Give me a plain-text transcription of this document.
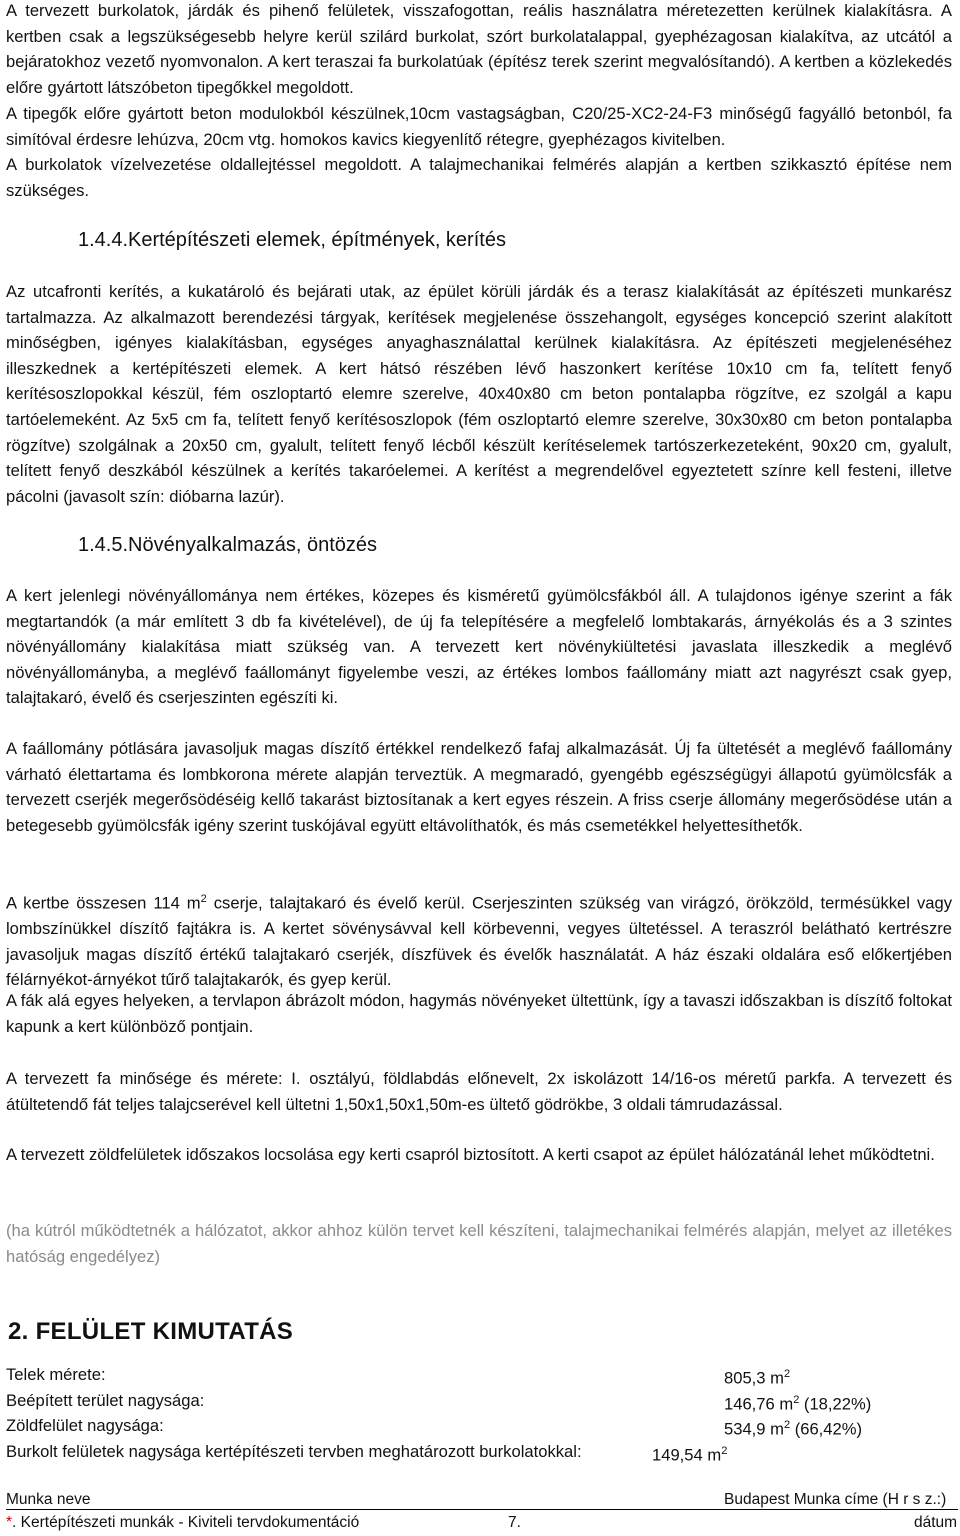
A tervezett burkolatok, járdák és pihenő felületek, visszafogottan, reális használatra méretezetten kerülnek kialakításra. A kertben csak a legszükségesebb helyre kerül szilárd burkolat, szórt burkolatalappal, gyephézagosan kialakítva, az utcától a bejáratokhoz vezető nyomvonalon. A kert teraszai fa burkolatúak (építész terek szerint megvalósítandó). A kertben a közlekedés előre gyártott látszóbeton tipegőkkel megoldott.

A tipegők előre gyártott beton modulokból készülnek,10cm vastagságban, C20/25-XC2-24-F3 minőségű fagyálló betonból, fa simítóval érdesre lehúzva, 20cm vtg. homokos kavics kiegyenlítő rétegre, gyephézagos kivitelben.

A burkolatok vízelvezetése oldallejtéssel megoldott. A talajmechanikai felmérés alapján a kertben szikkasztó építése nem szükséges.

1.4.4.Kertépítészeti elemek, építmények, kerítés

Az utcafronti kerítés, a kukatároló és bejárati utak, az épület körüli járdák és a terasz kialakítását az építészeti munkarész tartalmazza. Az alkalmazott berendezési tárgyak, kerítések megjelenése összehangolt, egységes koncepció szerint alakított minőségben, igényes kialakításban, egységes anyaghasználattal kerülnek kialakításra. Az építészeti megjelenéséhez illeszkednek a kertépítészeti elemek. A kert hátsó részében lévő haszonkert kerítése 10x10 cm fa, telített fenyő kerítésoszlopokkal készül, fém oszloptartó elemre szerelve, 40x40x80 cm beton pontalapba rögzítve, ez szolgál a kapu tartóelemeként. Az 5x5 cm fa, telített fenyő kerítésoszlopok (fém oszloptartó elemre szerelve, 30x30x80 cm beton pontalapba rögzítve) szolgálnak a 20x50 cm, gyalult, telített fenyő lécből készült kerítéselemek tartószerkezeteként, 90x20 cm, gyalult, telített fenyő deszkából készülnek a kerítés takaróelemei. A kerítést a megrendelővel egyeztetett színre kell festeni, illetve pácolni (javasolt szín: dióbarna lazúr).

1.4.5.Növényalkalmazás, öntözés

A kert jelenlegi növényállománya nem értékes, közepes és kisméretű gyümölcsfákból áll. A tulajdonos igénye szerint a fák megtartandók (a már említett 3 db fa kivételével), de új fa telepítésére a megfelelő lombtakarás, árnyékolás és a 3 szintes növényállomány kialakítása miatt szükség van. A tervezett kert növénykiültetési javaslata illeszkedik a meglévő növényállományba, a meglévő faállományt figyelembe veszi, az értékes lombos faállomány miatt azt nagyrészt csak gyep, talajtakaró, évelő és cserjeszinten egészíti ki.

A faállomány pótlására javasoljuk magas díszítő értékkel rendelkező fafaj alkalmazását. Új fa ültetését a meglévő faállomány várható élettartama és lombkorona mérete alapján terveztük. A megmaradó, gyengébb egészségügyi állapotú gyümölcsfák a tervezett cserjék megerősödéséig kellő takarást biztosítanak a kert egyes részein. A friss cserje állomány megerősödése után a betegesebb gyümölcsfák igény szerint tuskójával együtt eltávolíthatók, és más csemetékkel helyettesíthetők.

A kertbe összesen 114 $m^2$ cserje, talajtakaró és évelő kerül. Cserjeszinten szükség van virágzó, örökzöld, termésükkel vagy lombszínükkel díszítő fajtákra is. A kertet sövénysávval kell körbevenni, vegyes ültetéssel. A teraszról belátható kertrészre javasoljuk magas díszítő értékű talajtakaró cserjék, díszfüvek és évelők használatát. A ház északi oldalára eső előkertjében félárnyékot-árnyékot tűrő talajtakarók, és gyep kerül.

A fák alá egyes helyeken, a tervlapon ábrázolt módon, hagymás növényeket ültettünk, így a tavaszi időszakban is díszítő foltokat kapunk a kert különböző pontjain.

A tervezett fa minősége és mérete: I. osztályú, földlabdás előnevelt, 2x iskolázott 14/16-os méretű parkfa. A tervezett és átültetendő fát teljes talajcserével kell ültetni 1,50x1,50x1,50m-es ültető gödrökbe, 3 oldali támrudazással.

A tervezett zöldfelületek időszakos locsolása egy kerti csapról biztosított. A kerti csapot az épület hálózatánál lehet működtetni.

(ha kútról működtetnék a hálózatot, akkor ahhoz külön tervet kell készíteni, talajmechanikai felmérés alapján, melyet az illetékes hatóság engedélyez)

2. FELÜLET KIMUTATÁS
Telek mérete:	805,3 $m^2$
Beépített terület nagysága:	146,76 $m^2$ (18,22%)
Zöldfelület nagysága:	534,9 $m^2$ (66,42%)
Burkolt felületek nagysága kertépítészeti tervben meghatározott burkolatokkal:	149,54 $m^2$
Munka neve	Budapest Munka címe (H r s z.:)
*. Kertépítészeti munkák - Kiviteli tervdokumentáció	7.	dátum
